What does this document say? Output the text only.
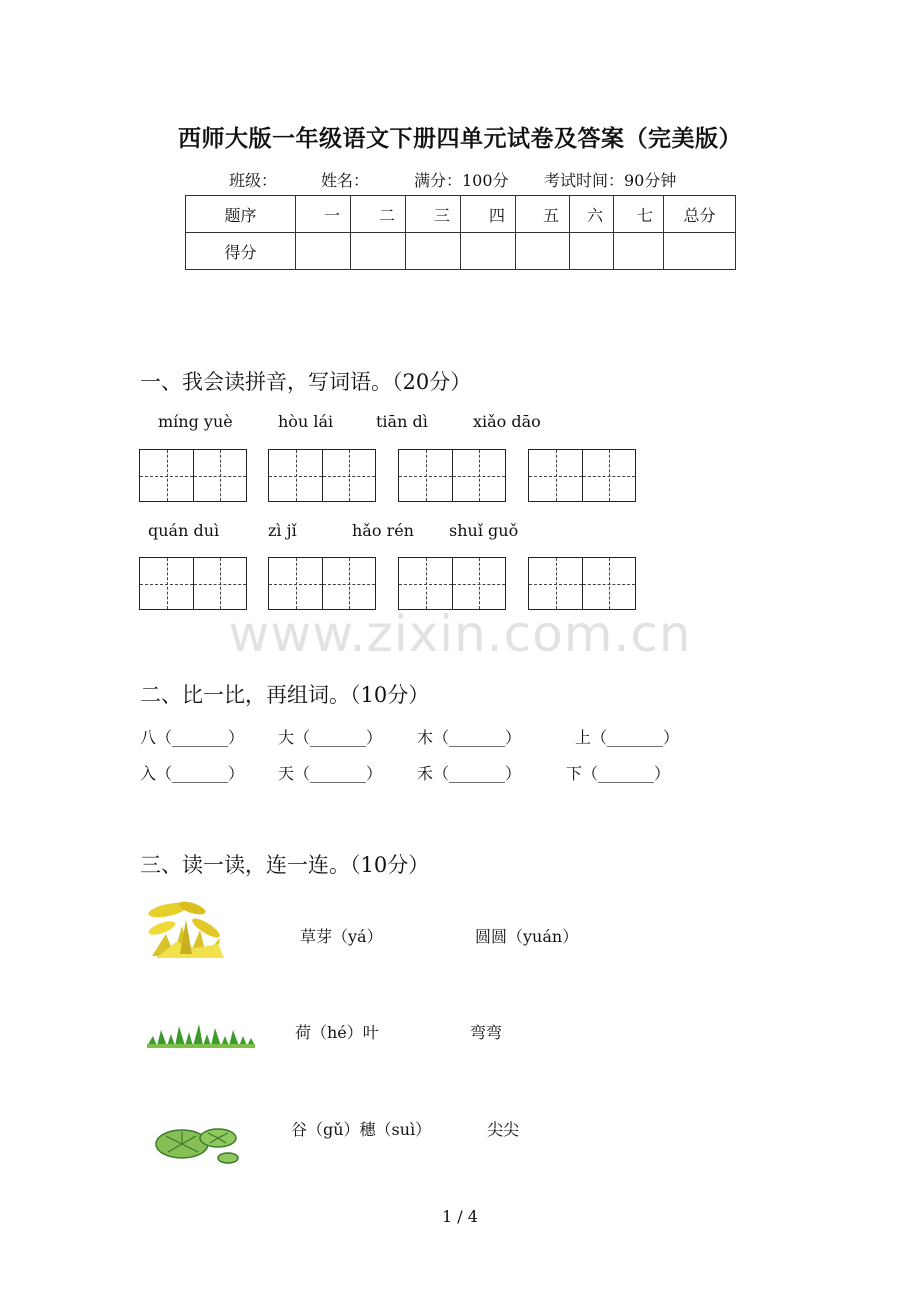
西师大版一年级语文下册四单元试卷及答案（完美版）
班级：	姓名：	满分：100分 考试时间：90分钟
题序	一	二	三	四	五	六	七	总分
得分								
一、我会读拼音，写词语。（20分）
míng yuè	hòu lái	tiān dì	xiǎo dāo
quán duì	zì jǐ	hǎo rén shuǐ guǒ
www.zixin.com.cn
二、比一比，再组词。（10分）
八（_______） 大（_______） 木（_______）	上（_______）
入（_______） 天（_______） 禾（_______）	下（_______）
三、读一读，连一连。（10分）
草芽（yá）	圆圆（yuán）
荷（hé）叶	弯弯
谷（gǔ）穗（suì）	尖尖
1 / 4
